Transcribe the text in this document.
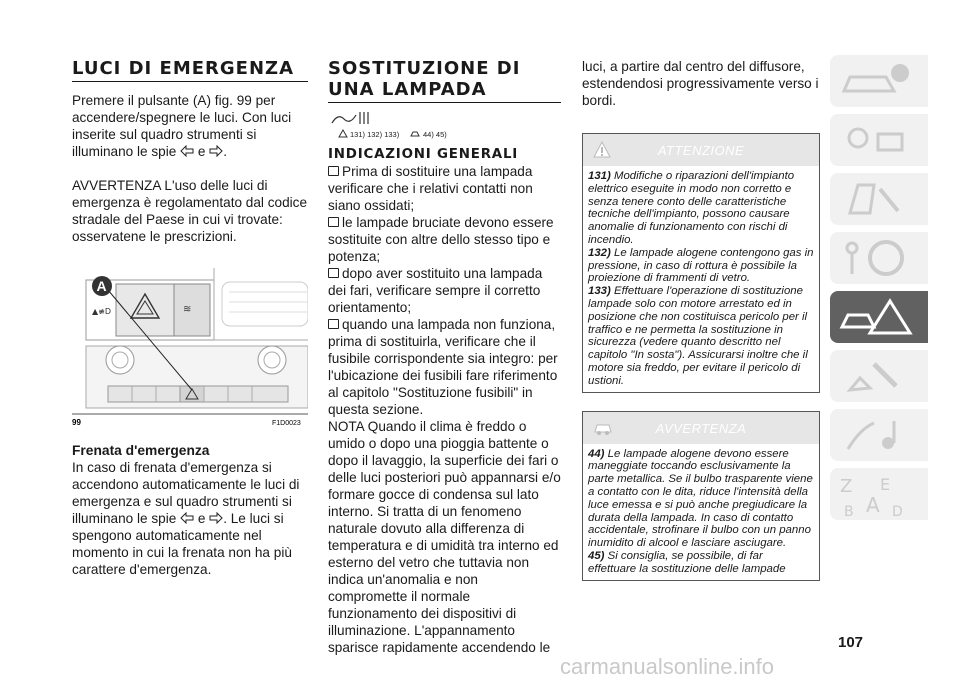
LUCI DI EMERGENZA

Premere il pulsante (A) fig. 99 per accendere/spegnere le luci. Con luci inserite sul quadro strumenti si illuminano le spie e .

AVVERTENZA L'uso delle luci di emergenza è regolamentato dal codice stradale del Paese in cui vi trovate: osservatene le prescrizioni.

≋
▲≢D
A
99	F1D0023
Frenata d'emergenza

In caso di frenata d'emergenza si accendono automaticamente le luci di emergenza e sul quadro strumenti si illuminano le spie e . Le luci si spengono automaticamente nel momento in cui la frenata non ha più carattere d'emergenza.

SOSTITUZIONE DI
UNA LAMPADA
131) 132) 133)	44) 45)
INDICAZIONI GENERALI

Prima di sostituire una lampada verificare che i relativi contatti non siano ossidati;

le lampade bruciate devono essere sostituite con altre dello stesso tipo e potenza;

dopo aver sostituito una lampada dei fari, verificare sempre il corretto orientamento;

quando una lampada non funziona, prima di sostituirla, verificare che il fusibile corrispondente sia integro: per l'ubicazione dei fusibili fare riferimento al capitolo "Sostituzione fusibili" in questa sezione.

NOTA Quando il clima è freddo o umido o dopo una pioggia battente o dopo il lavaggio, la superficie dei fari o delle luci posteriori può appannarsi e/o formare gocce di condensa sul lato interno. Si tratta di un fenomeno naturale dovuto alla differenza di temperatura e di umidità tra interno ed esterno del vetro che tuttavia non indica un'anomalia e non compromette il normale funzionamento dei dispositivi di illuminazione. L'appannamento sparisce rapidamente accendendo le

luci, a partire dal centro del diffusore, estendendosi progressivamente verso i bordi.

ATTENZIONE

131) Modifiche o riparazioni dell'impianto elettrico eseguite in modo non corretto e senza tenere conto delle caratteristiche tecniche dell'impianto, possono causare anomalie di funzionamento con rischi di incendio.

132) Le lampade alogene contengono gas in pressione, in caso di rottura è possibile la proiezione di frammenti di vetro.

133) Effettuare l'operazione di sostituzione lampade solo con motore arrestato ed in posizione che non costituisca pericolo per il traffico e ne permetta la sostituzione in sicurezza (vedere quanto descritto nel capitolo "In sosta"). Assicurarsi inoltre che il motore sia freddo, per evitare il pericolo di ustioni.

AVVERTENZA

44) Le lampade alogene devono essere maneggiate toccando esclusivamente la parte metallica. Se il bulbo trasparente viene a contatto con le dita, riduce l'intensità della luce emessa e si può anche pregiudicare la durata della lampada. In caso di contatto accidentale, strofinare il bulbo con un panno inumidito di alcool e lasciare asciugare.

45) Si consiglia, se possibile, di far effettuare la sostituzione delle lampade

Z E
A
B	D
107
carmanualsonline.info
